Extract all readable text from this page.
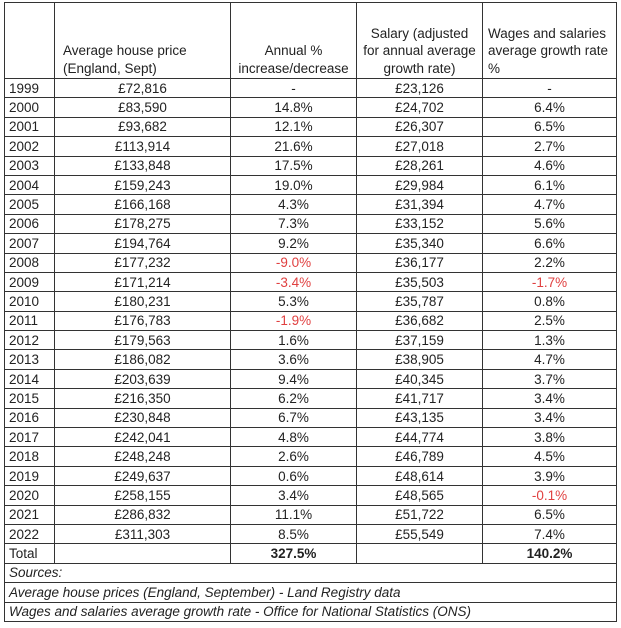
	Average house price (England, Sept)	Annual % increase/decrease	Salary (adjusted for annual average growth rate)	Wages and salaries average growth rate %
1999	£72,816	-	£23,126	-
2000	£83,590	14.8%	£24,702	6.4%
2001	£93,682	12.1%	£26,307	6.5%
2002	£113,914	21.6%	£27,018	2.7%
2003	£133,848	17.5%	£28,261	4.6%
2004	£159,243	19.0%	£29,984	6.1%
2005	£166,168	4.3%	£31,394	4.7%
2006	£178,275	7.3%	£33,152	5.6%
2007	£194,764	9.2%	£35,340	6.6%
2008	£177,232	-9.0%	£36,177	2.2%
2009	£171,214	-3.4%	£35,503	-1.7%
2010	£180,231	5.3%	£35,787	0.8%
2011	£176,783	-1.9%	£36,682	2.5%
2012	£179,563	1.6%	£37,159	1.3%
2013	£186,082	3.6%	£38,905	4.7%
2014	£203,639	9.4%	£40,345	3.7%
2015	£216,350	6.2%	£41,717	3.4%
2016	£230,848	6.7%	£43,135	3.4%
2017	£242,041	4.8%	£44,774	3.8%
2018	£248,248	2.6%	£46,789	4.5%
2019	£249,637	0.6%	£48,614	3.9%
2020	£258,155	3.4%	£48,565	-0.1%
2021	£286,832	11.1%	£51,722	6.5%
2022	£311,303	8.5%	£55,549	7.4%
Total		327.5%		140.2%
Sources:				
Average house prices (England, September) - Land Registry data				
Wages and salaries average growth rate - Office for National Statistics (ONS)				
